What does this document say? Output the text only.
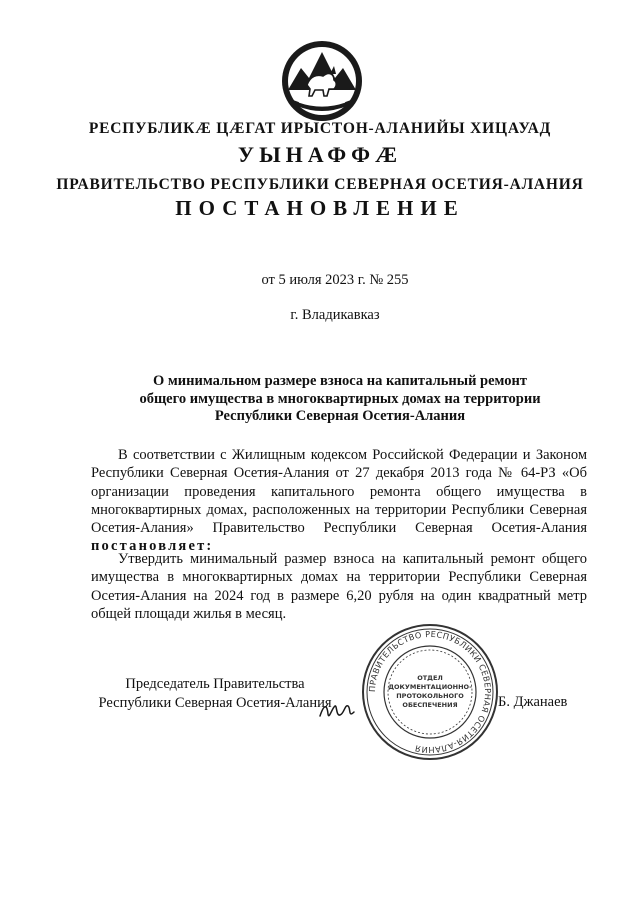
РЕСПУБЛИКӔ ЦӔГАТ ИРЫСТОН-АЛАНИЙЫ ХИЦАУАД
УЫНАФФӔ
ПРАВИТЕЛЬСТВО РЕСПУБЛИКИ СЕВЕРНАЯ ОСЕТИЯ-АЛАНИЯ
ПОСТАНОВЛЕНИЕ
от 5 июля 2023 г. № 255
г. Владикавказ
О минимальном размере взноса на капитальный ремонт
общего имущества в многоквартирных домах на территории
Республики Северная Осетия-Алания
В соответствии с Жилищным кодексом Российской Федерации и Законом Республики Северная Осетия-Алания от 27 декабря 2013 года № 64-РЗ «Об организации проведения капитального ремонта общего имущества в многоквартирных домах, расположенных на территории Республики Северная Осетия-Алания» Правительство Республики Северная Осетия-Алания постановляет:
Утвердить минимальный размер взноса на капитальный ремонт общего имущества в многоквартирных домах на территории Республики Северная Осетия-Алания на 2024 год в размере 6,20 рубля на один квадратный метр общей площади жилья в месяц.
Председатель Правительства
Республики Северная Осетия-Алания
ПРАВИТЕЛЬСТВО РЕСПУБЛИКИ СЕВЕРНАЯ ОСЕТИЯ-АЛАНИЯ
ОТДЕЛ
ДОКУМЕНТАЦИОННО-
ПРОТОКОЛЬНОГО
ОБЕСПЕЧЕНИЯ	Б. Джанаев
